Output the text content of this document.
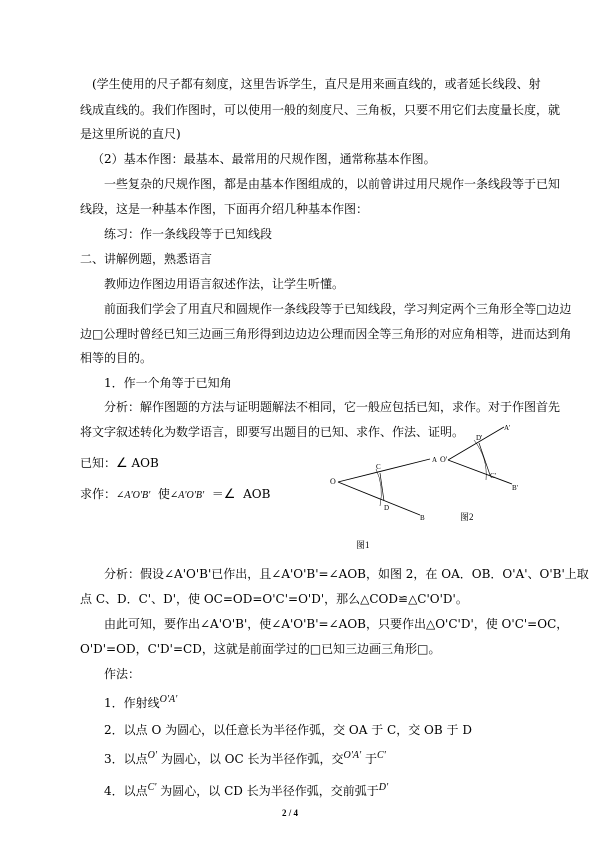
(学生使用的尺子都有刻度，这里告诉学生，直尺是用来画直线的，或者延长线段、射
线成直线的。我们作图时，可以使用一般的刻度尺、三角板，只要不用它们去度量长度，就
是这里所说的直尺)
（2）基本作图：最基本、最常用的尺规作图，通常称基本作图。
一些复杂的尺规作图，都是由基本作图组成的，以前曾讲过用尺规作一条线段等于已知
线段，这是一种基本作图，下面再介绍几种基本作图：
练习：作一条线段等于已知线段
二、讲解例题，熟悉语言
教师边作图边用语言叙述作法，让学生听懂。
前面我们学会了用直尺和圆规作一条线段等于已知线段，学习判定两个三角形全等□边边
边□公理时曾经已知三边画三角形得到边边边公理而因全等三角形的对应角相等，进而达到角
相等的目的。
1．作一个角等于已知角
分析：解作图题的方法与证明题解法不相同，它一般应包括已知，求作。对于作图首先
将文字叙述转化为数学语言，即要写出题目的已知、求作、作法、证明。
已知：∠ AOB
求作：∠A'O'B' 使∠A'O'B' ＝∠ AOB
O
C
D
A
B
图1
O'
D'
C'
A'
B'
图2
分析：假设∠A'O'B'已作出，且∠A'O'B'=∠AOB，如图 2，在 OA．OB．O'A'、O'B'上取
点 C、D．C'、D'，使 OC=OD=O'C'=O'D'，那么△COD≌△C'O'D'。
由此可知，要作出∠A'O'B'，使∠A'O'B'=∠AOB，只要作出△O'C'D'，使 O'C'=OC，
O'D'=OD，C'D'=CD，这就是前面学过的□已知三边画三角形□。
作法：
1．作射线$^{O'A'}$
2．以点 O 为圆心，以任意长为半径作弧，交 OA 于 C，交 OB 于 D
3．以点$^{O'}$ 为圆心，以 OC 长为半径作弧，交$^{O'A'}$ 于$^{C'}$
4．以点$^{C'}$ 为圆心，以 CD 长为半径作弧，交前弧于$^{D'}$
2 / 4
